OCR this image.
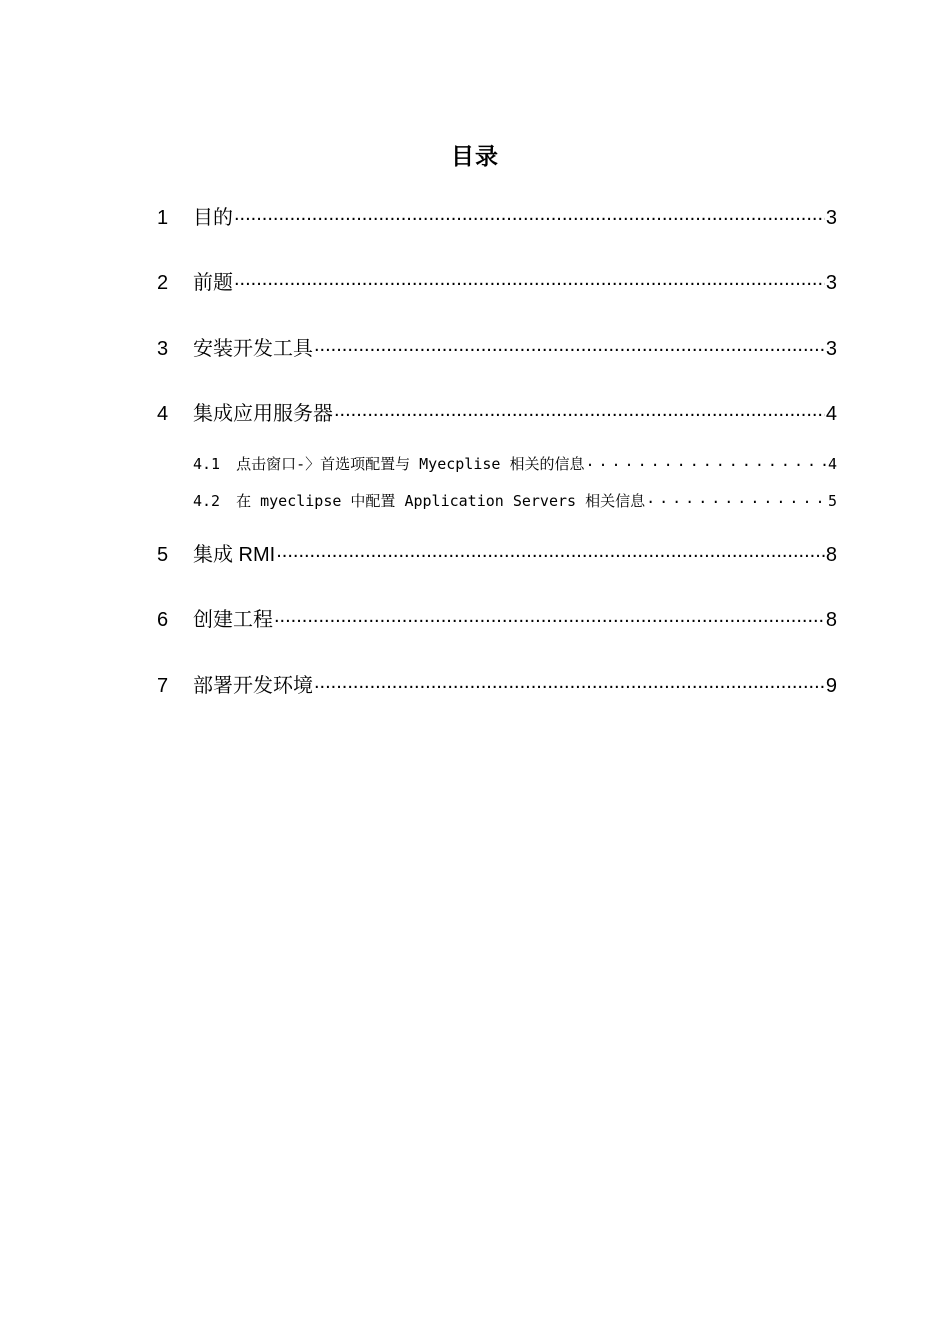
目录
1	目的 .....	3
2	前题 .....	3
3	安装开发工具 .....	3
4	集成应用服务器 .....	4
4.1 点击窗口-〉首选项配置与 Myecplise 相关的信息 .....	4
4.2 在 myeclipse 中配置 Application Servers 相关信息 .....	5
5	集成 RMI .....	8
6	创建工程 .....	8
7	部署开发环境 .....	9
